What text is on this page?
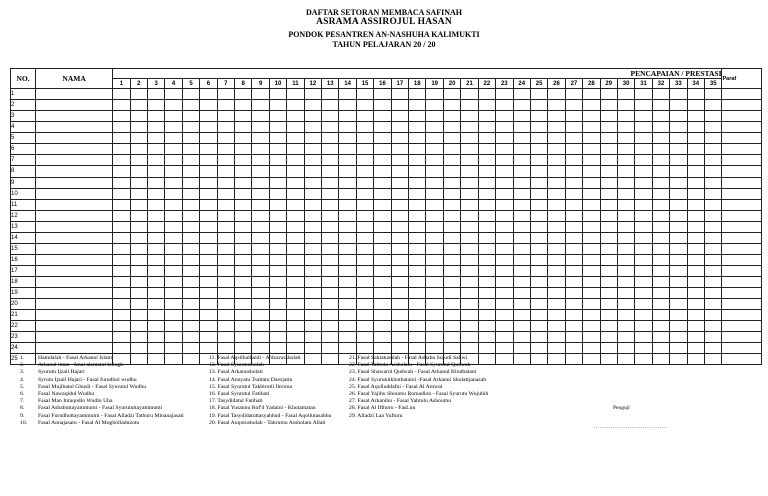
DAFTAR SETORAN MEMBACA SAFINAH
ASRAMA ASSIROJUL HASAN
PONDOK PESANTREN AN-NASHUHA KALIMUKTI
TAHUN PELAJARAN 20 / 20
NO.	NAMA	PENCAPAIAN / PRESTASI																																			Paraf
		1	2	3	4	5	6	7	8	9	10	11	12	13	14	15	16	17	18	19	20	21	22	23	24	25	26	27	28	29	30	31	32	33	34	35	
1																																					
2																																					
3																																					
4																																					
5																																					
6																																					
7																																					
8																																					
9																																					
10																																					
11																																					
12																																					
13																																					
14																																					
15																																					
16																																					
17																																					
18																																					
19																																					
20																																					
21																																					
22																																					
23																																					
24																																					
25																																					1.	Hamdalah - Fasal Arkanul Islam
2.	Arkanul iman - fasal alamatul bulugh
3.	Syurutu Ijzail Hajari
4.	Syrutu Ijzail Hajari - Fasal furudhul wudhu
5.	Fasal Mujibatul Ghusli - Fasal Syurutul Wudhu
6.	Fasal Nawaqidul Wudhu
7.	Fasal Man Intaqodlo Wudlu Uha
8.	Fasal Asbabuttayammumi - Fasal Syurututtayammumi
9.	Fasal Furudhuttayammumi - Fasal Alladzi Tathuru Minanajasati
10.	Fasal Annajasatu - Fasal Al Mugholladuzotu
11. Fasal Aqsilhalhaidi - A'dzarussholati
12. Fasal Syurutusholah
13. Fasal Arkanusholati
14. Fasal Annyatu Tsaltatu Darojatin
15. Fasal Syurutul Takbirotil Ihroma
16. Fasal Syurutul Fatihati
17. Tasydidatul Fatihati
18. Fasal Yusannu Rof'il Yadaini - Khotamatan
19. Fasal Tasydidatuttasyahhud - Fasal Aqollutasahhu
20. Fasal Auqotusholah - Tahrumu Assholatu Allati
21. Fasal Saktatusolah - Fasal Asbabu Sujudi Sahwi
22. Fasal Tabtulu Assholatu - Fasal Syurutul Qudwah
23. Fasal Shawarul Qudwah - Fasal Arkanul Khutbatani
24. Fasal Syurutulkhutbataini -Fasal Arkanni Sholatijanazah
25. Fasal Aqolluddafni - Fasal Al Amwal
26. Fasal Yajibu Shoumu Romadlon - Fasal Syurutu Wujubih
27. Fasal Arkanihu - Fasal Yabtulu Ashoumu
28. Fasal Al Ifthoru - FasLun
29. Alladzi Laa Yufturu
Penguji
.......................................
